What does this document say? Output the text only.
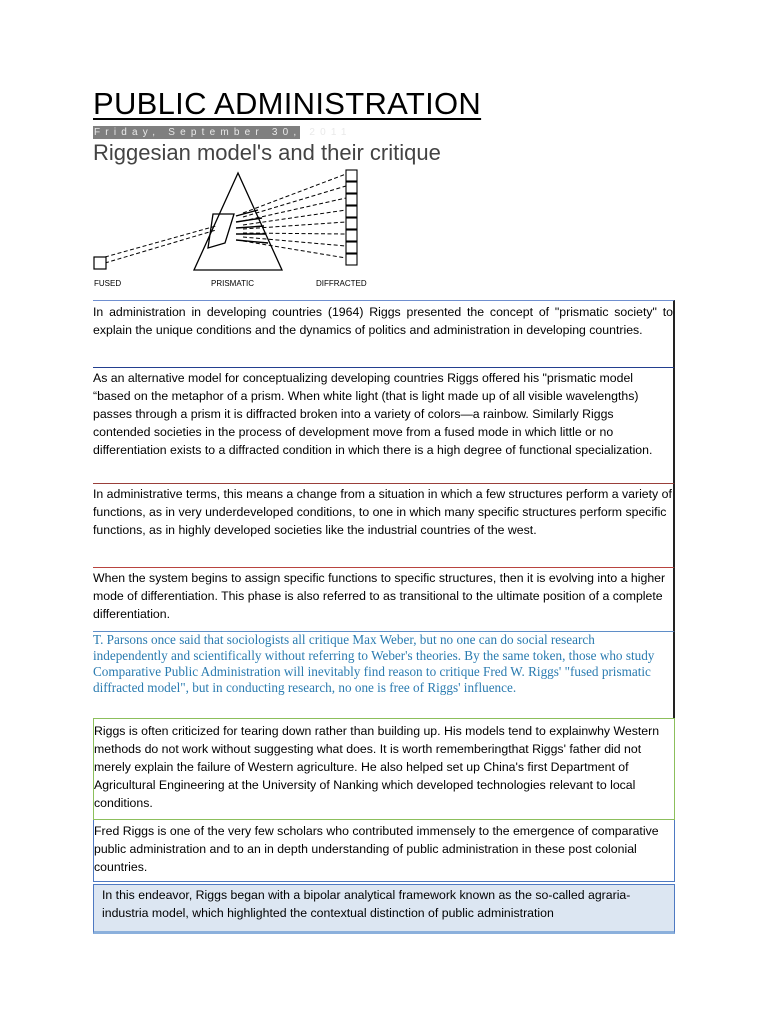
PUBLIC ADMINISTRATION
Friday, September 30, 2011
Riggesian model's and their critique
FUSED	PRISMATIC	DIFFRACTED

In administration in developing countries (1964) Riggs presented the concept of "prismatic society" to explain the unique conditions and the dynamics of politics and administration in developing countries.

As an alternative model for conceptualizing developing countries Riggs offered his "prismatic model “based on the metaphor of a prism. When white light (that is light made up of all visible wavelengths) passes through a prism it is diffracted broken into a variety of colors—a rainbow. Similarly Riggs contended societies in the process of development move from a fused mode in which little or no differentiation exists to a diffracted condition in which there is a high degree of functional specialization.

In administrative terms, this means a change from a situation in which a few structures perform a variety of functions, as in very underdeveloped conditions, to one in which many specific structures perform specific functions, as in highly developed societies like the industrial countries of the west.

When the system begins to assign specific functions to specific structures, then it is evolving into a higher mode of differentiation. This phase is also referred to as transitional to the ultimate position of a complete differentiation.

T. Parsons once said that sociologists all critique Max Weber, but no one can do social research independently and scientifically without referring to Weber's theories. By the same token, those who study Comparative Public Administration will inevitably find reason to critique Fred W. Riggs' "fused prismatic diffracted model", but in conducting research, no one is free of Riggs' influence.

Riggs is often criticized for tearing down rather than building up. His models tend to explainwhy Western methods do not work without suggesting what does. It is worth rememberingthat Riggs' father did not merely explain the failure of Western agriculture. He also helped set up China's first Department of Agricultural Engineering at the University of Nanking which developed technologies relevant to local conditions.

Fred Riggs is one of the very few scholars who contributed immensely to the emergence of comparative public administration and to an in depth understanding of public administration in these post colonial countries.

In this endeavor, Riggs began with a bipolar analytical framework known as the so-called agraria-industria model, which highlighted the contextual distinction of public administration
